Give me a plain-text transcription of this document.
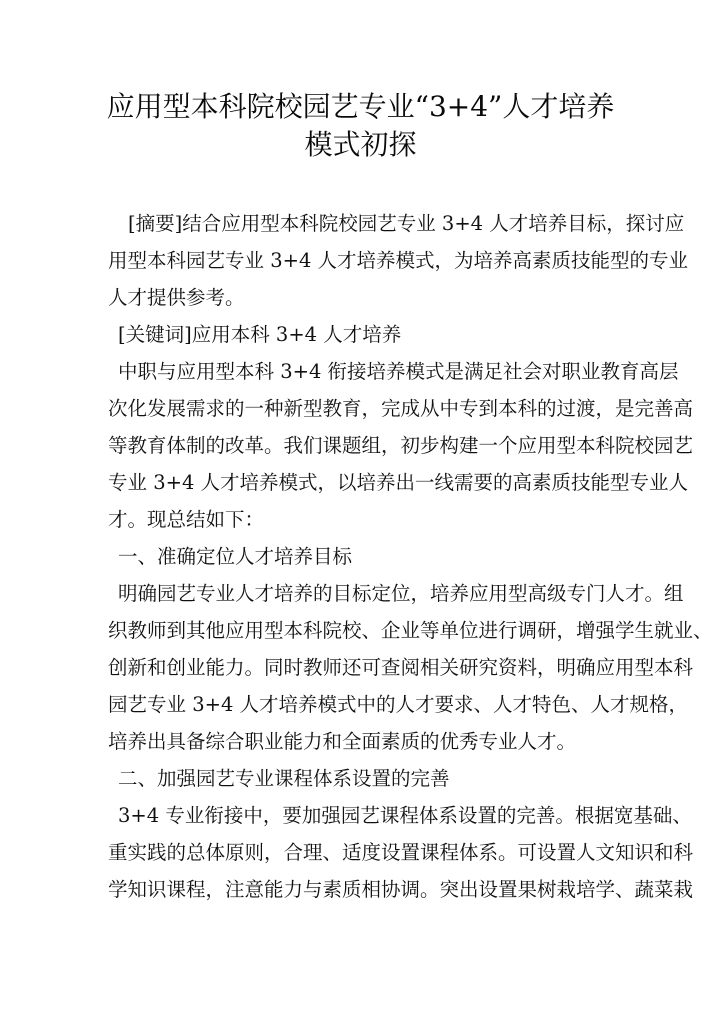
应用型本科院校园艺专业“3+4”人才培养
模式初探
[摘要]结合应用型本科院校园艺专业 3+4 人才培养目标，探讨应
用型本科园艺专业 3+4 人才培养模式，为培养高素质技能型的专业
人才提供参考。
[关键词]应用本科 3+4 人才培养
中职与应用型本科 3+4 衔接培养模式是满足社会对职业教育高层
次化发展需求的一种新型教育，完成从中专到本科的过渡，是完善高
等教育体制的改革。我们课题组，初步构建一个应用型本科院校园艺
专业 3+4 人才培养模式，以培养出一线需要的高素质技能型专业人
才。现总结如下：
一、准确定位人才培养目标
明确园艺专业人才培养的目标定位，培养应用型高级专门人才。组
织教师到其他应用型本科院校、企业等单位进行调研，增强学生就业、
创新和创业能力。同时教师还可查阅相关研究资料，明确应用型本科
园艺专业 3+4 人才培养模式中的人才要求、人才特色、人才规格，
培养出具备综合职业能力和全面素质的优秀专业人才。
二、加强园艺专业课程体系设置的完善
3+4 专业衔接中，要加强园艺课程体系设置的完善。根据宽基础、
重实践的总体原则，合理、适度设置课程体系。可设置人文知识和科
学知识课程，注意能力与素质相协调。突出设置果树栽培学、蔬菜栽
